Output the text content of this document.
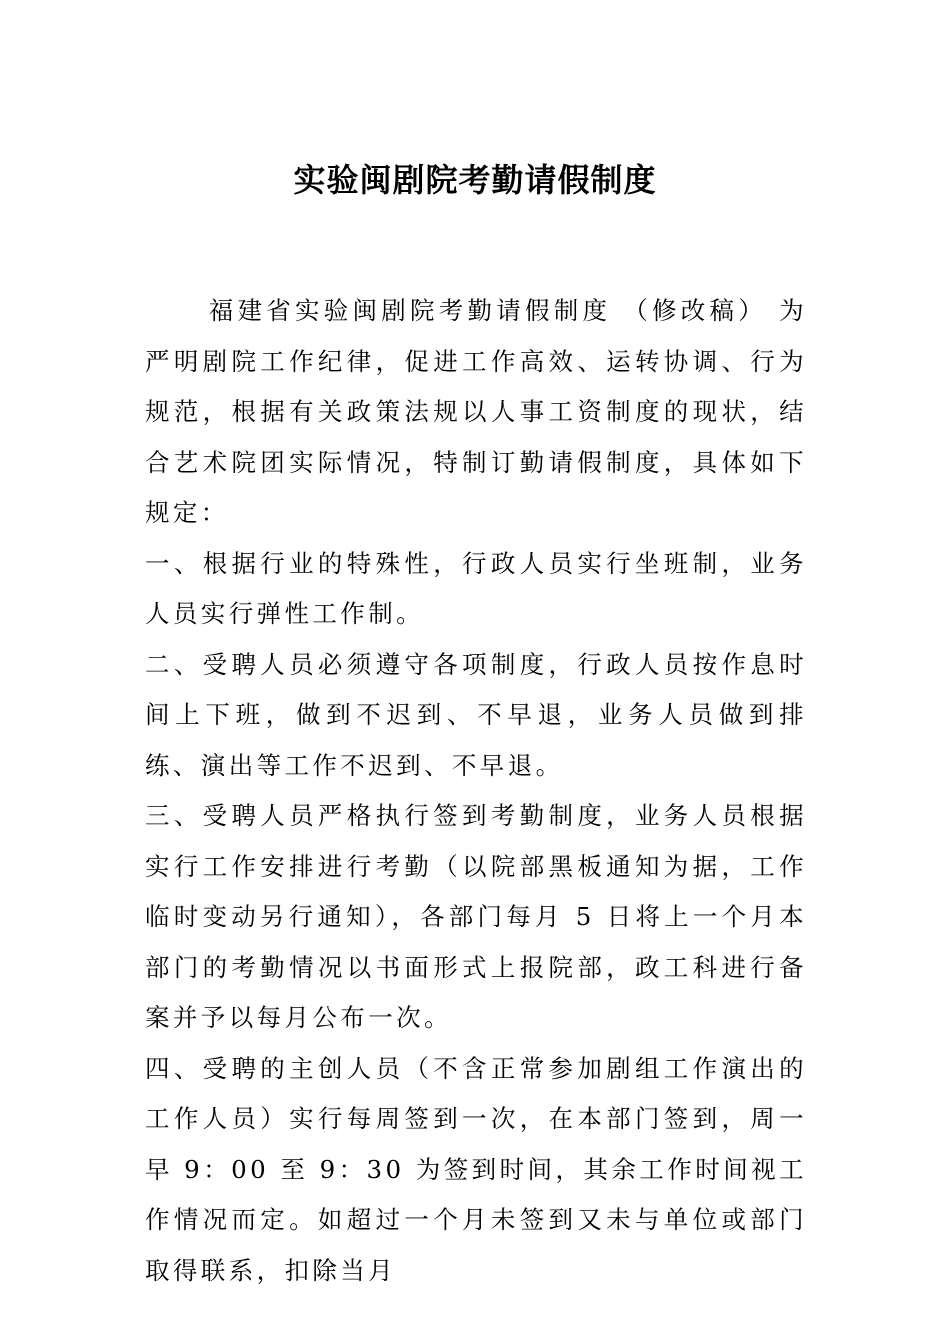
实验闽剧院考勤请假制度

福建省实验闽剧院考勤请假制度 （修改稿） 为严明剧院工作纪律，促进工作高效、运转协调、行为规范，根据有关政策法规以人事工资制度的现状，结合艺术院团实际情况，特制订勤请假制度，具体如下规定：

一、根据行业的特殊性，行政人员实行坐班制，业务人员实行弹性工作制。

二、受聘人员必须遵守各项制度，行政人员按作息时间上下班，做到不迟到、不早退，业务人员做到排练、演出等工作不迟到、不早退。

三、受聘人员严格执行签到考勤制度，业务人员根据实行工作安排进行考勤（以院部黑板通知为据，工作临时变动另行通知），各部门每月 5 日将上一个月本部门的考勤情况以书面形式上报院部，政工科进行备案并予以每月公布一次。

四、受聘的主创人员（不含正常参加剧组工作演出的工作人员）实行每周签到一次，在本部门签到，周一早 9：00 至 9：30 为签到时间，其余工作时间视工作情况而定。如超过一个月未签到又未与单位或部门取得联系，扣除当月
